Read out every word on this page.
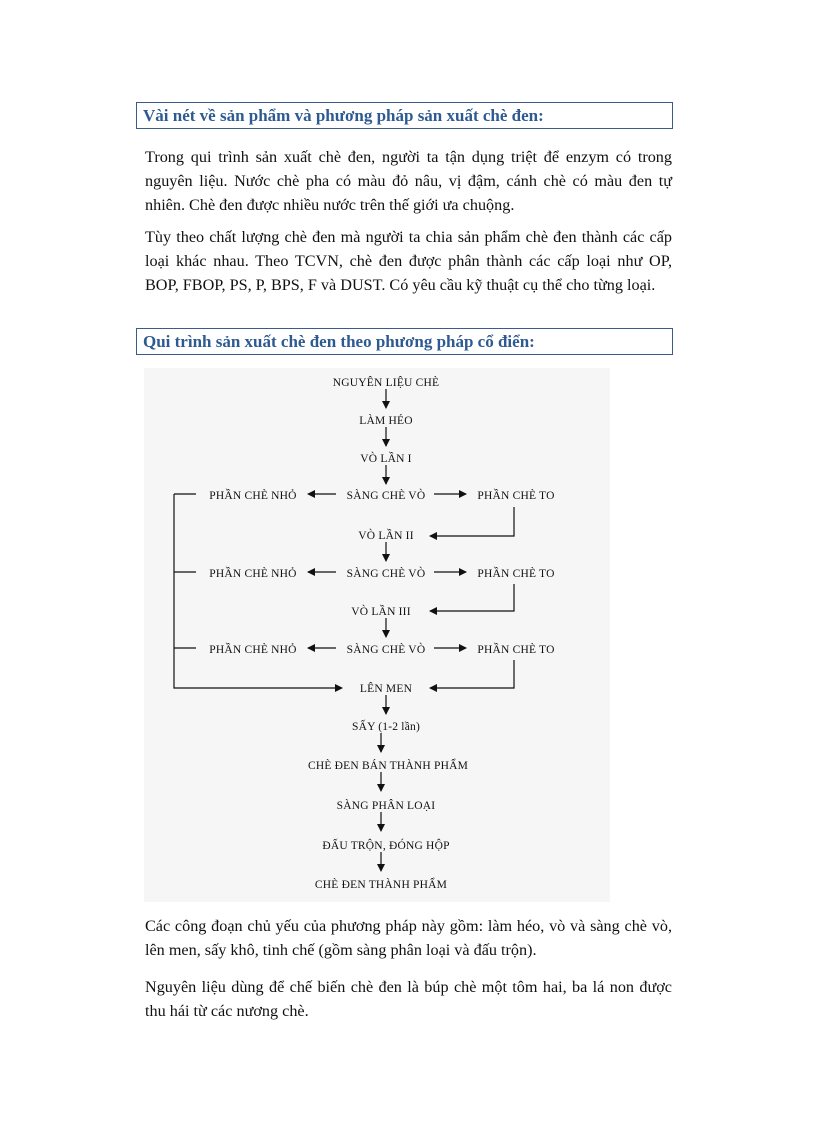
Vài nét về sản phẩm và phương pháp sản xuất chè đen:

Trong qui trình sản xuất chè đen, người ta tận dụng triệt để enzym có trong nguyên liệu. Nước chè pha có màu đỏ nâu, vị đậm, cánh chè có màu đen tự nhiên. Chè đen được nhiều nước trên thế giới ưa chuộng.

Tùy theo chất lượng chè đen mà người ta chia sản phẩm chè đen thành các cấp loại khác nhau. Theo TCVN, chè đen được phân thành các cấp loại như OP, BOP, FBOP, PS, P, BPS, F và DUST. Có yêu cầu kỹ thuật cụ thể cho từng loại.

Qui trình sản xuất chè đen theo phương pháp cổ điển:
NGUYÊN LIỆU CHÈ
LÀM HÉO
VÒ LẦN I
SÀNG CHÈ VÒ
PHẦN CHÈ NHỎ	PHẦN CHÈ TO
VÒ LẦN II
SÀNG CHÈ VÒ
PHẦN CHÈ NHỎ	PHẦN CHÈ TO
VÒ LẦN III
SÀNG CHÈ VÒ
PHẦN CHÈ NHỎ	PHẦN CHÈ TO
LÊN MEN
SẤY (1-2 lần)
CHÈ ĐEN BÁN THÀNH PHẨM
SÀNG PHÂN LOẠI
ĐẤU TRỘN, ĐÓNG HỘP
CHÈ ĐEN THÀNH PHẨM

Các công đoạn chủ yếu của phương pháp này gồm: làm héo, vò và sàng chè vò, lên men, sấy khô, tinh chế (gồm sàng phân loại và đấu trộn).

Nguyên liệu dùng để chế biến chè đen là búp chè một tôm hai, ba lá non được thu hái từ các nương chè.
